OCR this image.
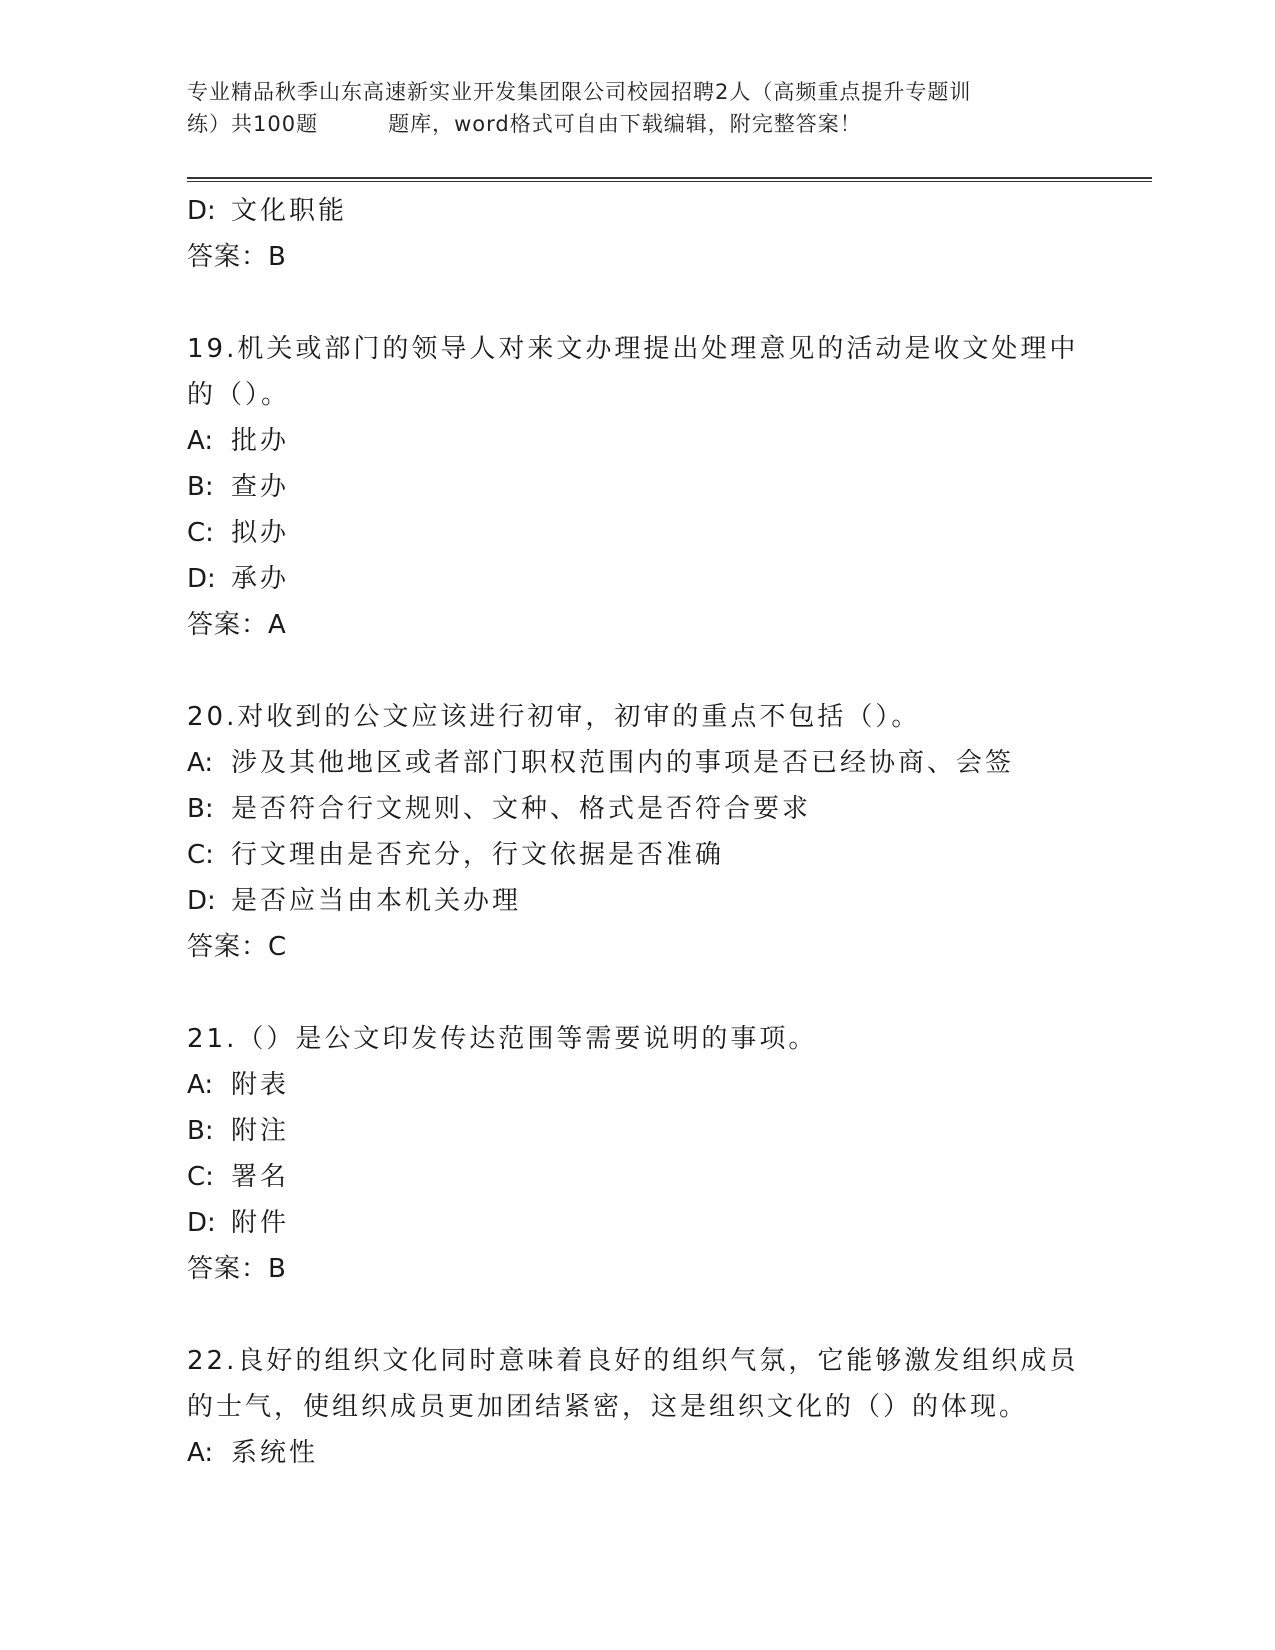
专业精品秋季山东高速新实业开发集团限公司校园招聘2人（高频重点提升专题训
练）共100题	题库，word格式可自由下载编辑，附完整答案！
D: 文化职能
答案：B
19.机关或部门的领导人对来文办理提出处理意见的活动是收文处理中
的（）。
A: 批办
B: 查办
C: 拟办
D: 承办
答案：A
20.对收到的公文应该进行初审，初审的重点不包括（）。
A: 涉及其他地区或者部门职权范围内的事项是否已经协商、会签
B: 是否符合行文规则、文种、格式是否符合要求
C: 行文理由是否充分，行文依据是否准确
D: 是否应当由本机关办理
答案：C
21.（）是公文印发传达范围等需要说明的事项。
A: 附表
B: 附注
C: 署名
D: 附件
答案：B
22.良好的组织文化同时意味着良好的组织气氛，它能够激发组织成员
的士气，使组织成员更加团结紧密，这是组织文化的（）的体现。
A: 系统性
